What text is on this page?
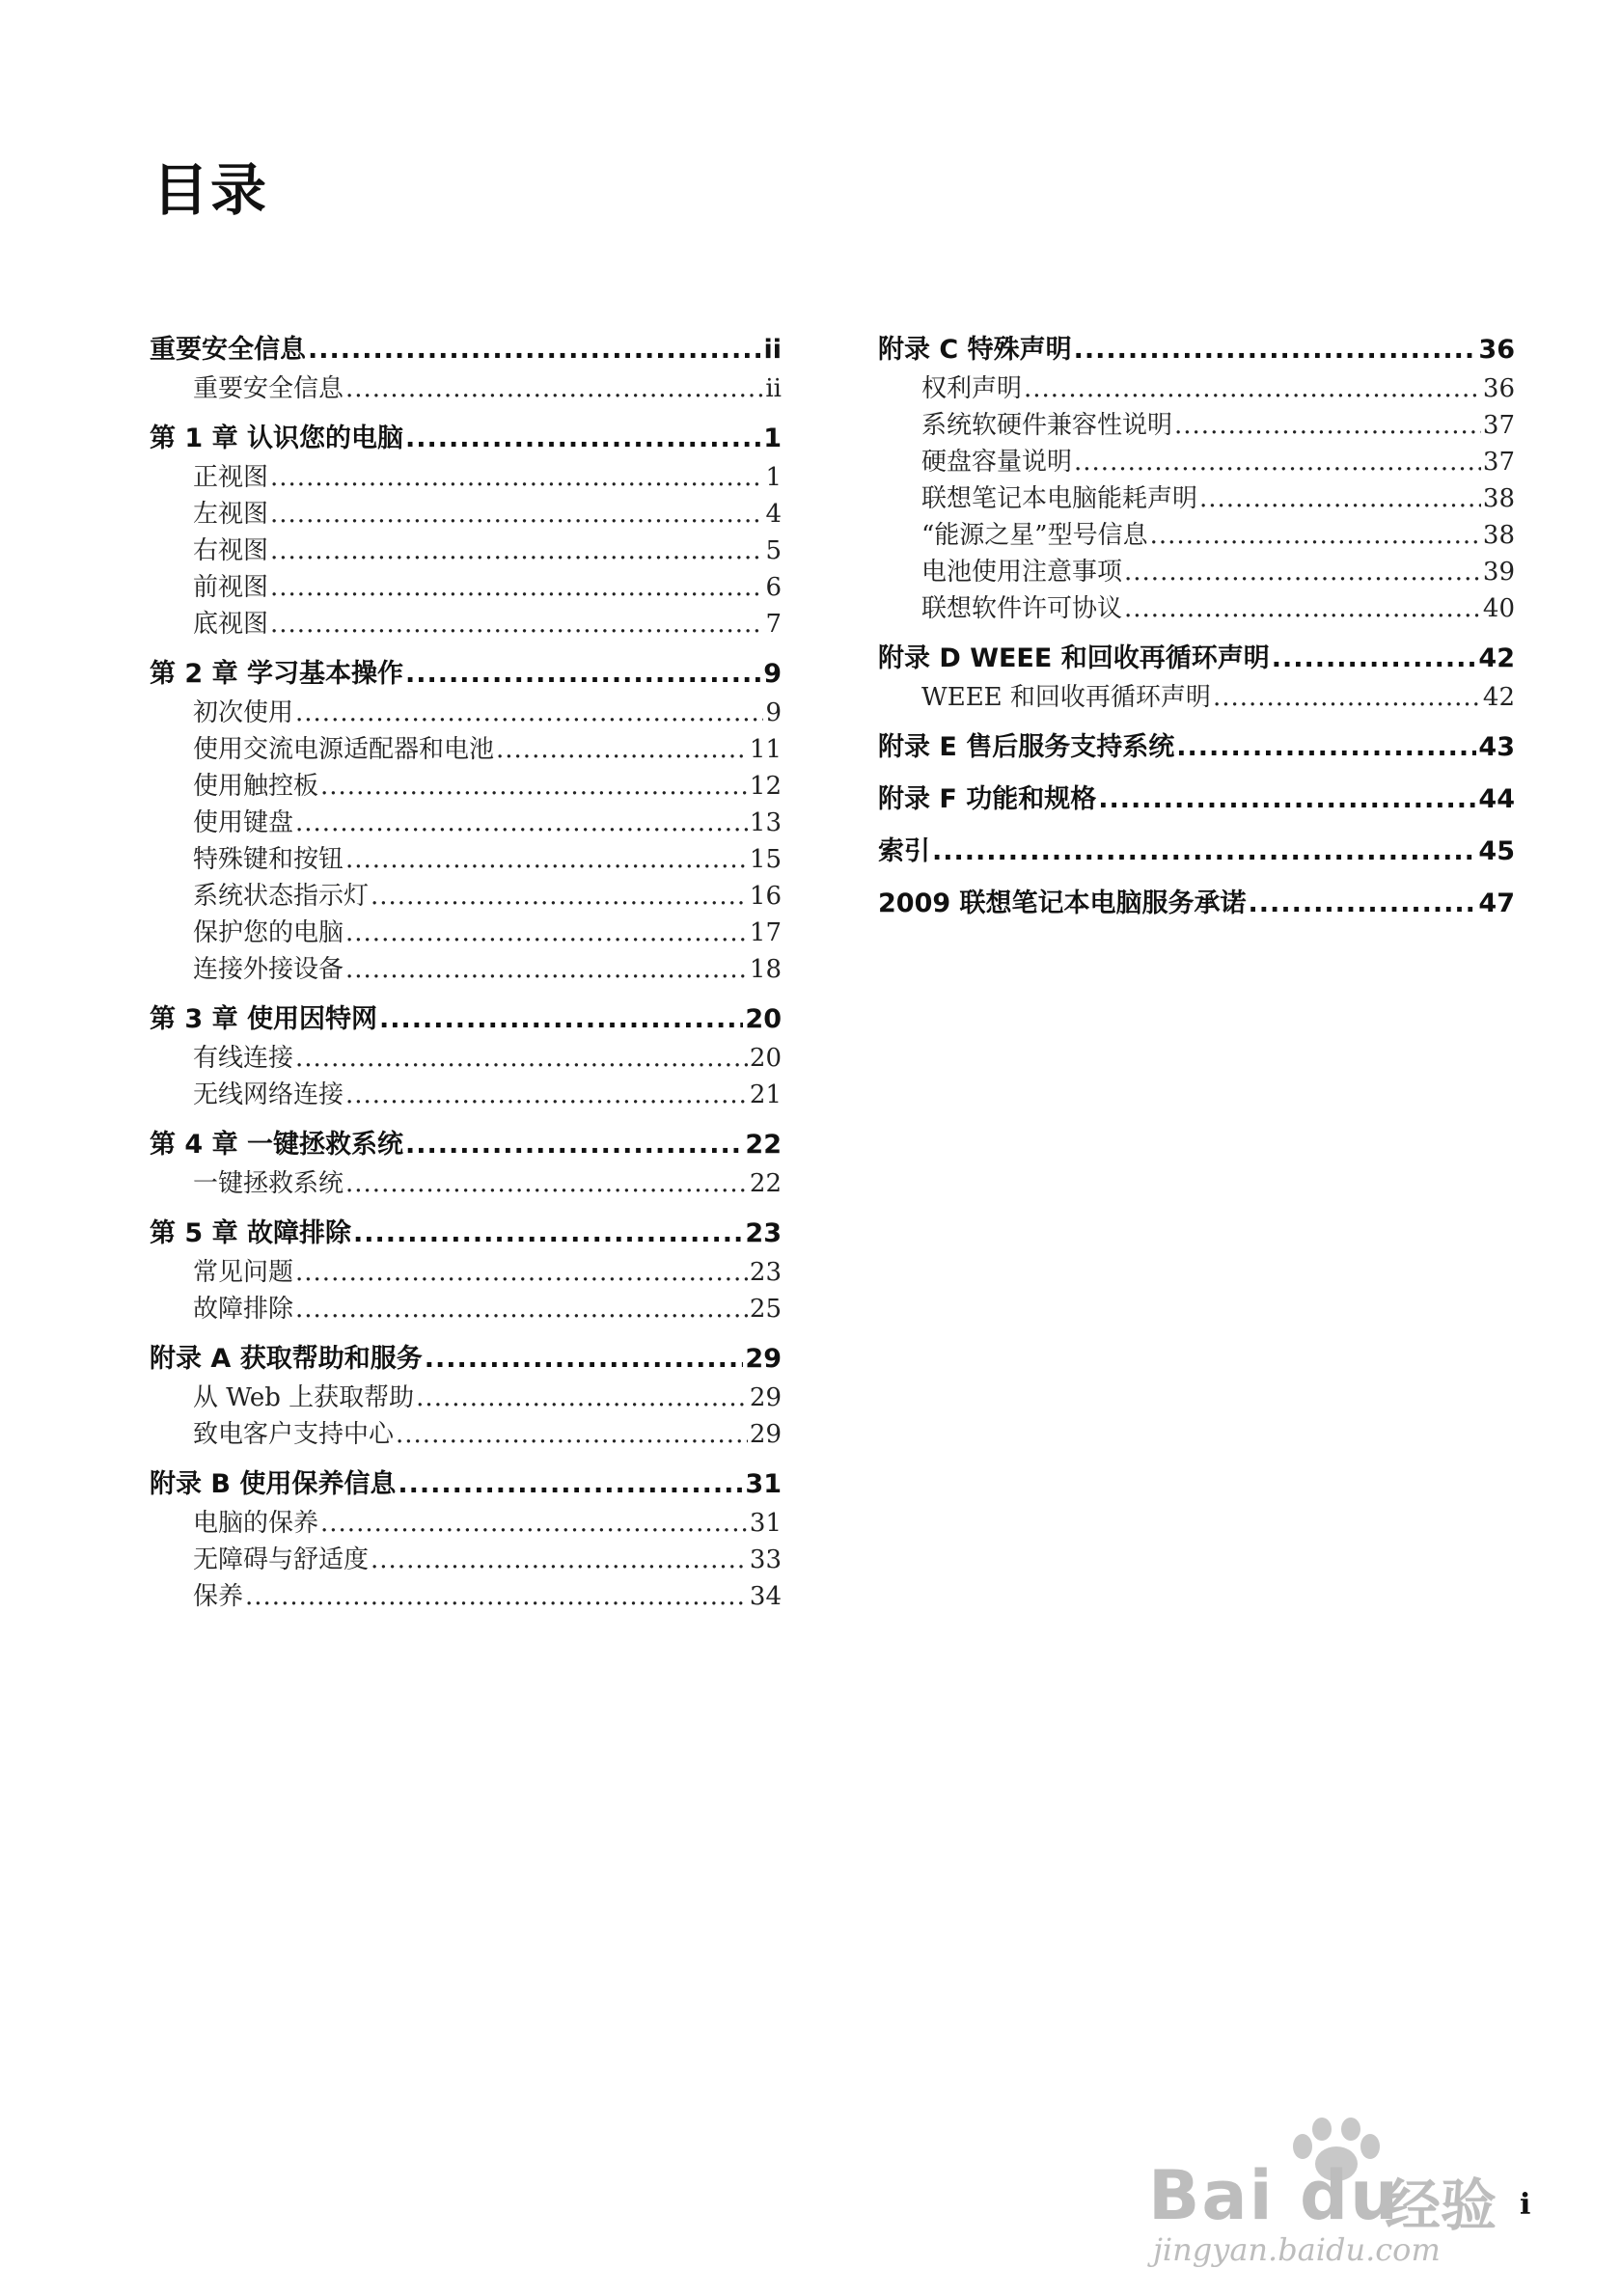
目录
重要安全信息 .....	ii
重要安全信息 .....	ii
第 1 章 认识您的电脑 .....	1
正视图 .....	1
左视图 .....	4
右视图 .....	5
前视图 .....	6
底视图 .....	7
第 2 章 学习基本操作 .....	9
初次使用 .....	9
使用交流电源适配器和电池 .....	11
使用触控板 .....	12
使用键盘 .....	13
特殊键和按钮 .....	15
系统状态指示灯 .....	16
保护您的电脑 .....	17
连接外接设备 .....	18
第 3 章 使用因特网 .....	20
有线连接 .....	20
无线网络连接 .....	21
第 4 章 一键拯救系统 .....	22
一键拯救系统 .....	22
第 5 章 故障排除 .....	23
常见问题 .....	23
故障排除 .....	25
附录 A 获取帮助和服务 .....	29
从 Web 上获取帮助 .....	29
致电客户支持中心 .....	29
附录 B 使用保养信息 .....	31
电脑的保养 .....	31
无障碍与舒适度 .....	33
保养 .....	34
附录 C 特殊声明 .....	36
权利声明 .....	36
系统软硬件兼容性说明 .....	37
硬盘容量说明 .....	37
联想笔记本电脑能耗声明 .....	38
“能源之星”型号信息 .....	38
电池使用注意事项 .....	39
联想软件许可协议 .....	40
附录 D WEEE 和回收再循环声明 .....	42
WEEE 和回收再循环声明 .....	42
附录 E 售后服务支持系统 .....	43
附录 F 功能和规格 .....	44
索引 .....	45
2009 联想笔记本电脑服务承诺 .....	47
Bai du
经验
jingyan.baidu.com
i
